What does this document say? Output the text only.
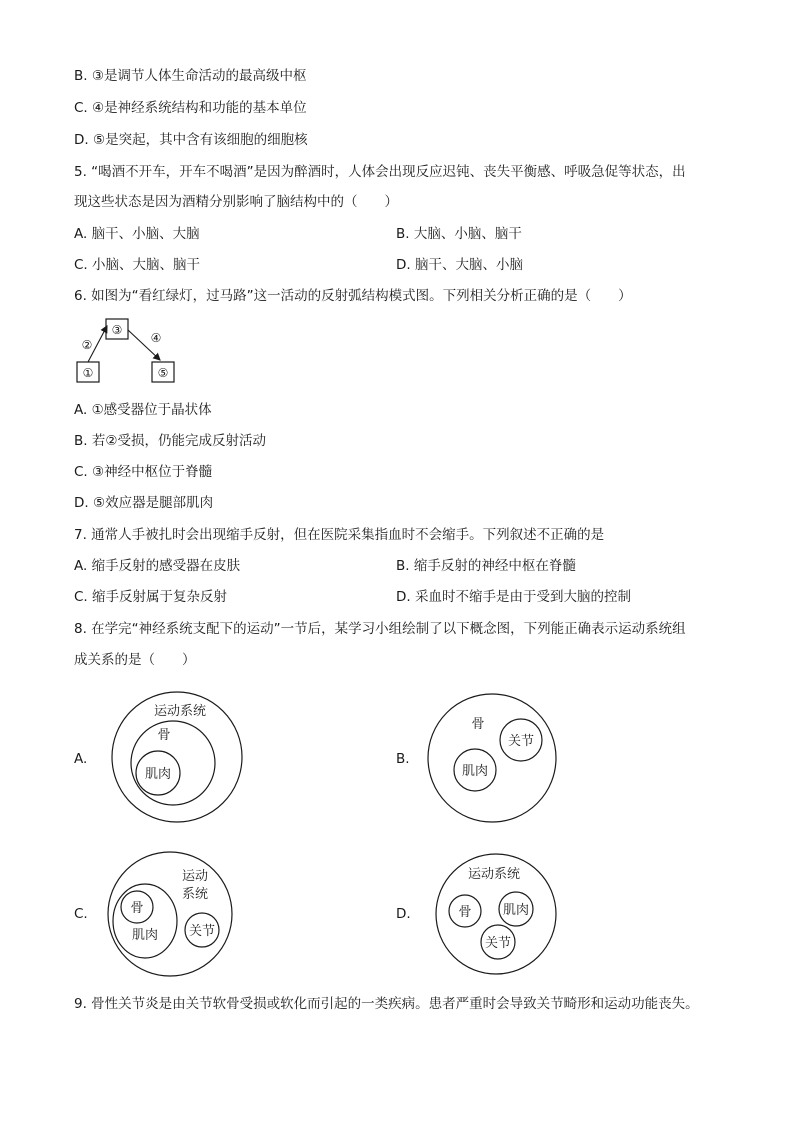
B. ③是调节人体生命活动的最高级中枢
C. ④是神经系统结构和功能的基本单位
D. ⑤是突起，其中含有该细胞的细胞核
5. “喝酒不开车，开车不喝酒”是因为醉酒时，人体会出现反应迟钝、丧失平衡感、呼吸急促等状态，出
现这些状态是因为酒精分别影响了脑结构中的（　　）
A. 脑干、小脑、大脑	B. 大脑、小脑、脑干
C. 小脑、大脑、脑干	D. 脑干、大脑、小脑
6. 如图为“看红绿灯，过马路”这一活动的反射弧结构模式图。下列相关分析正确的是（　　）
①
②
③
④
⑤
A. ①感受器位于晶状体
B. 若②受损，仍能完成反射活动
C. ③神经中枢位于脊髓
D. ⑤效应器是腿部肌肉
7. 通常人手被扎时会出现缩手反射，但在医院采集指血时不会缩手。下列叙述不正确的是
A. 缩手反射的感受器在皮肤	B. 缩手反射的神经中枢在脊髓
C. 缩手反射属于复杂反射	D. 采血时不缩手是由于受到大脑的控制
8. 在学完“神经系统支配下的运动”一节后，某学习小组绘制了以下概念图，下列能正确表示运动系统组
成关系的是（　　）
A.
运动系统
骨
肌肉
B.
骨
关节
肌肉
C.
运动
系统
骨
肌肉 关节
D.
运动系统
骨 肌肉
关节
9. 骨性关节炎是由关节软骨受损或软化而引起的一类疾病。患者严重时会导致关节畸形和运动功能丧失。
